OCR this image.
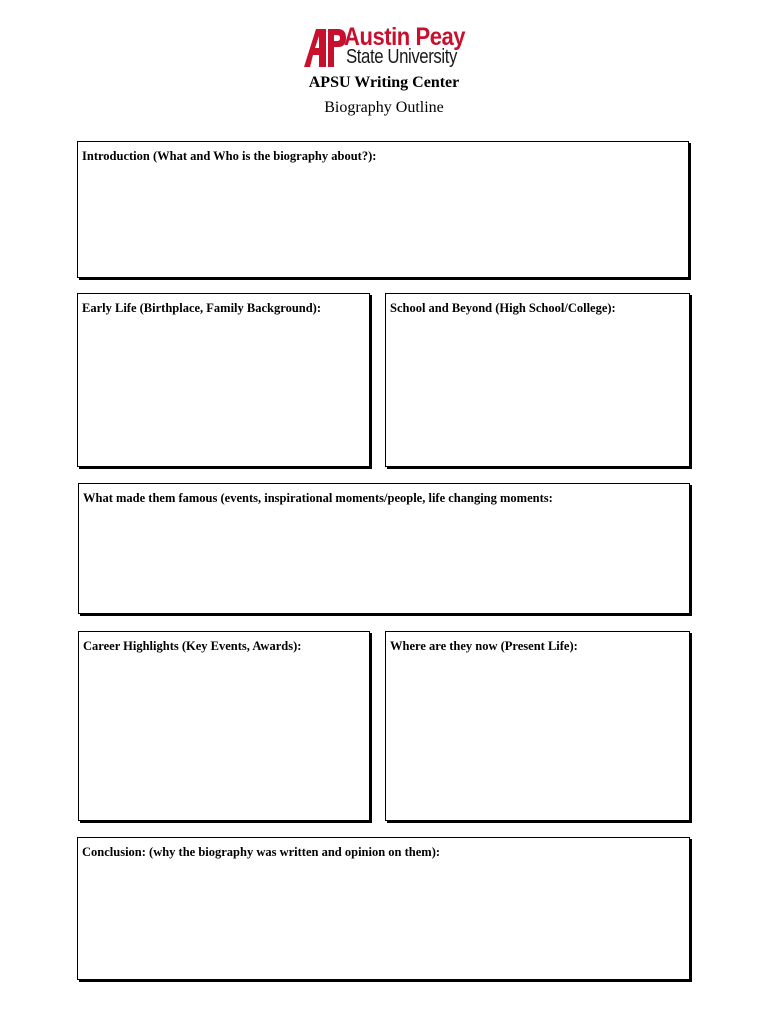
Austin Peay
State University
APSU Writing Center
Biography Outline
Introduction (What and Who is the biography about?):
Early Life (Birthplace, Family Background):	School and Beyond (High School/College):
What made them famous (events, inspirational moments/people, life changing moments:
Career Highlights (Key Events, Awards):	Where are they now (Present Life):
Conclusion: (why the biography was written and opinion on them):
